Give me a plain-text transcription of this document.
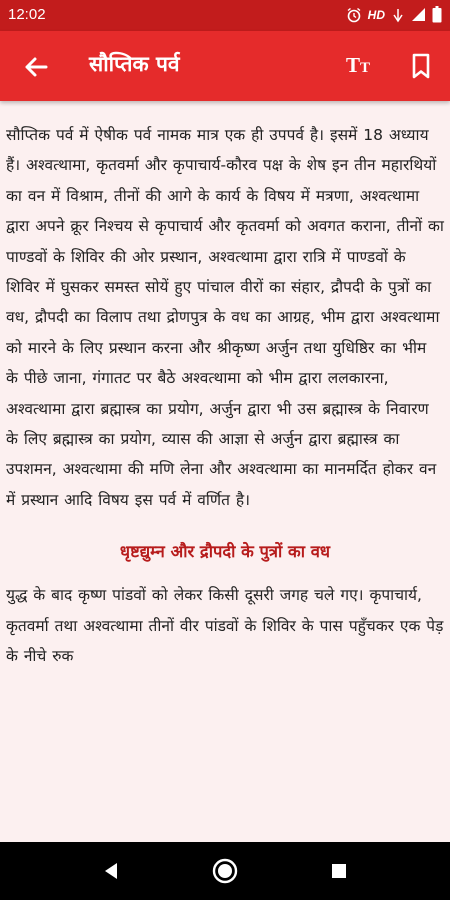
12:02	HD
सौप्तिक पर्व	TT

सौप्तिक पर्व में ऐषीक पर्व नामक मात्र एक ही उपपर्व है। इसमें 18 अध्याय हैं। अश्वत्थामा, कृतवर्मा और कृपाचार्य-कौरव पक्ष के शेष इन तीन महारथियों का वन में विश्राम, तीनों की आगे के कार्य के विषय में मत्रणा, अश्वत्थामा द्वारा अपने क्रूर निश्चय से कृपाचार्य और कृतवर्मा को अवगत कराना, तीनों का पाण्डवों के शिविर की ओर प्रस्थान, अश्वत्थामा द्वारा रात्रि में पाण्डवों के शिविर में घुसकर समस्त सोयें हुए पांचाल वीरों का संहार, द्रौपदी के पुत्रों का वध, द्रौपदी का विलाप तथा द्रोणपुत्र के वध का आग्रह, भीम द्वारा अश्वत्थामा को मारने के लिए प्रस्थान करना और श्रीकृष्ण अर्जुन तथा युधिष्ठिर का भीम के पीछे जाना, गंगातट पर बैठे अश्वत्थामा को भीम द्वारा ललकारना, अश्वत्थामा द्वारा ब्रह्मास्त्र का प्रयोग, अर्जुन द्वारा भी उस ब्रह्मास्त्र के निवारण के लिए ब्रह्मास्त्र का प्रयोग, व्यास की आज्ञा से अर्जुन द्वारा ब्रह्मास्त्र का उपशमन, अश्वत्थामा की मणि लेना और अश्वत्थामा का मानमर्दित होकर वन में प्रस्थान आदि विषय इस पर्व में वर्णित है।

धृष्टद्युम्न और द्रौपदी के पुत्रों का वध

युद्ध के बाद कृष्ण पांडवों को लेकर किसी दूसरी जगह चले गए। कृपाचार्य, कृतवर्मा तथा अश्वत्थामा तीनों वीर पांडवों के शिविर के पास पहुँचकर एक पेड़ के नीचे रुक
